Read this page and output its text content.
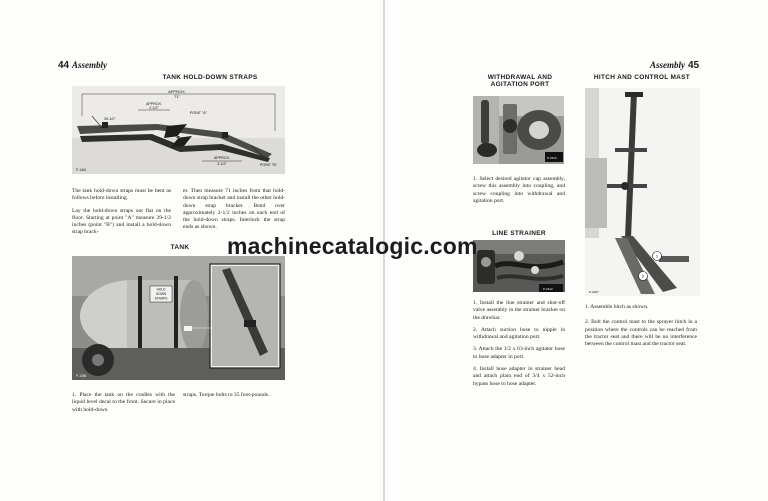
44 Assembly
TANK HOLD-DOWN STRAPS
APPROX.
71"
APPROX.
2-1/2"
POINT "A"
APPROX.
2-1/2"	POINT "B"
39-1/2"
P-1441

The tank hold-down straps must be bent as follows before installing.

Lay the hold-down straps out flat on the floor. Starting at point "A" measure 39-1/2 inches (point "B") and install a hold-down strap brack-

et. Then measure 71 inches from that hold-down strap bracket and install the other hold-down strap bracket. Bend over approximately 2-1/2 inches on each end of the hold-down straps. Interlock the strap ends as shown.

TANK
HOLD
DOWN
STRAPS
P-1356

1. Place the tank on the cradles with the liquid level decal to the front. Secure in place with hold-down

straps. Torque bolts to 35 foot-pounds.

Assembly 45
WITHDRAWAL AND AGITATION PORT
P-2312

1. Select desired agitator cap assembly, screw this assembly into coupling, and screw coupling into withdrawal and agitation port.

LINE STRAINER
P-2312

1. Install the line strainer and shut-off valve assembly in the strainer bracket on the drawbar.

2. Attach suction hose to nipple in withdrawal and agitation port.

3. Attach the 1/2 x 63-inch agitator hose to hose adapter in port.

4. Install hose adapter in strainer head and attach plain end of 3/4 x 52-inch bypass hose to hose adapter.

HITCH AND CONTROL MAST
1
2
P-2307

1. Assemble hitch as shown.

2. Bolt the control mast to the sprayer hitch in a position where the controls can be reached from the tractor seat and there will be no interference between the control mast and the tractor seat.

machinecatalogic.com
